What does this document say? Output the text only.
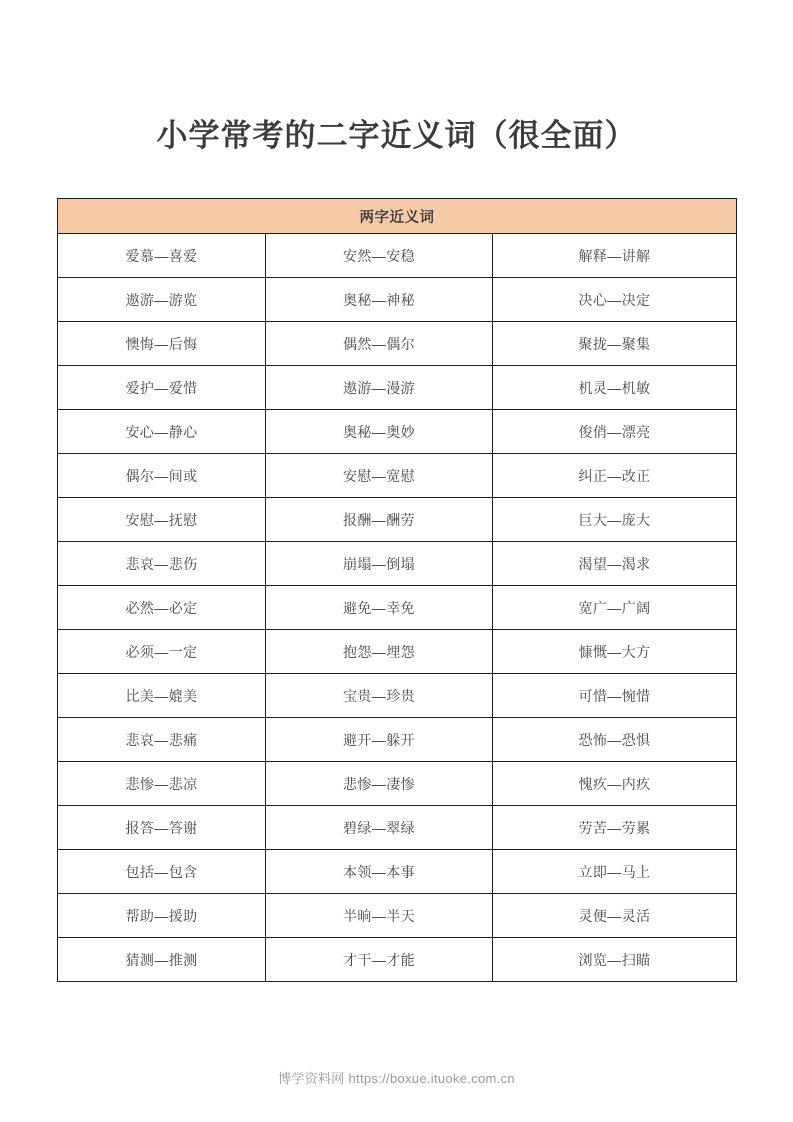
小学常考的二字近义词（很全面）
两字近义词		
爱慕—喜爱	安然—安稳	解释—讲解
遨游—游览	奥秘—神秘	决心—决定
懊悔—后悔	偶然—偶尔	聚拢—聚集
爱护—爱惜	遨游—漫游	机灵—机敏
安心—静心	奥秘—奥妙	俊俏—漂亮
偶尔—间或	安慰—宽慰	纠正—改正
安慰—抚慰	报酬—酬劳	巨大—庞大
悲哀—悲伤	崩塌—倒塌	渴望—渴求
必然—必定	避免—幸免	宽广—广阔
必须—一定	抱怨—埋怨	慷慨—大方
比美—媲美	宝贵—珍贵	可惜—惋惜
悲哀—悲痛	避开—躲开	恐怖—恐惧
悲惨—悲凉	悲惨—凄惨	愧疚—内疚
报答—答谢	碧绿—翠绿	劳苦—劳累
包括—包含	本领—本事	立即—马上
帮助—援助	半晌—半天	灵便—灵活
猜测—推测	才干—才能	浏览—扫瞄
博学资料网 https://boxue.ituoke.com.cn
